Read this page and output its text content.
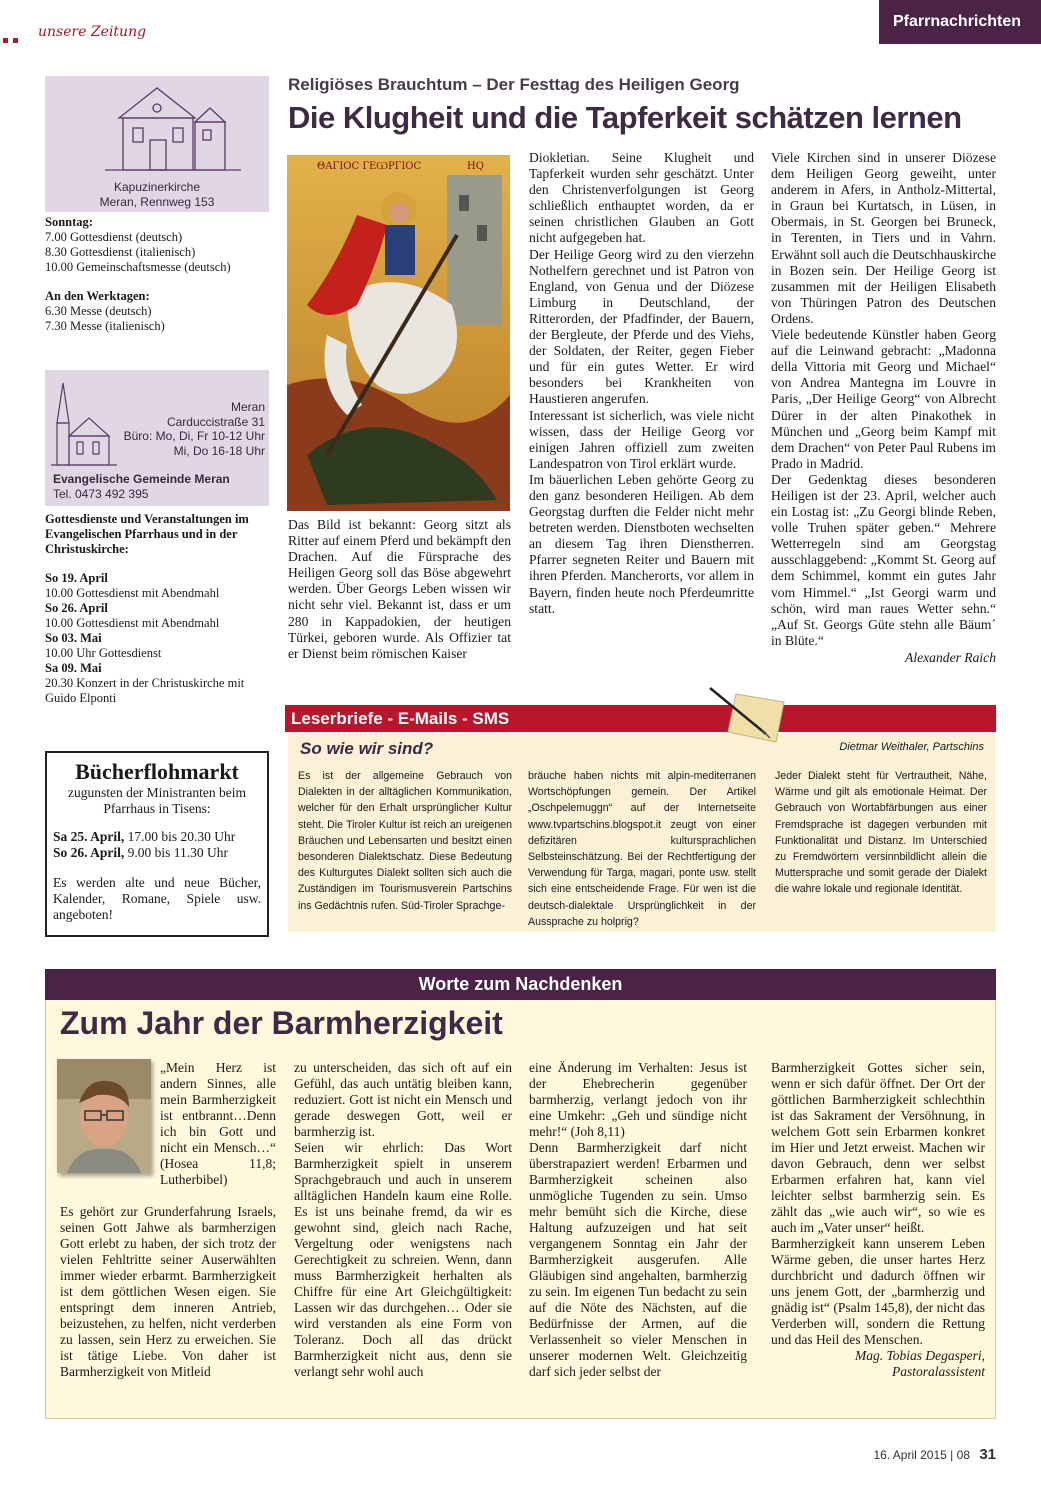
unsere Zeitung
Pfarrnachrichten
Kapuzinerkirche
Meran, Rennweg 153
Sonntag:
7.00 Gottesdienst (deutsch)
8.30 Gottesdienst (italienisch)
10.00 Gemeinschaftsmesse (deutsch)
An den Werktagen:
6.30 Messe (deutsch)
7.30 Messe (italienisch)
Meran
Carduccistraße 31
Büro: Mo, Di, Fr 10-12 Uhr
Mi, Do 16-18 Uhr
Evangelische Gemeinde Meran
Tel. 0473 492 395
Gottesdienste und Veranstaltungen im Evangelischen Pfarrhaus und in der Christuskirche:
So 19. April
10.00 Gottesdienst mit Abendmahl
So 26. April
10.00 Gottesdienst mit Abendmahl
So 03. Mai
10.00 Uhr Gottesdienst
Sa 09. Mai
20.30 Konzert in der Christuskirche mit Guido Elponti
Bücherflohmarkt
zugunsten der Ministranten beim Pfarrhaus in Tisens:
Sa 25. April, 17.00 bis 20.30 Uhr
So 26. April, 9.00 bis 11.30 Uhr
Es werden alte und neue Bücher, Kalender, Romane, Spiele usw. angeboten!
Religiöses Brauchtum – Der Festtag des Heiligen Georg
Die Klugheit und die Tapferkeit schätzen lernen
ΘΑΓΙΟС ГЕѠРГІОС	HQ

Das Bild ist bekannt: Georg sitzt als Ritter auf einem Pferd und bekämpft den Drachen. Auf die Fürsprache des Heiligen Georg soll das Böse abgewehrt werden. Über Georgs Leben wissen wir nicht sehr viel. Bekannt ist, dass er um 280 in Kappadokien, der heutigen Türkei, geboren wurde. Als Offizier tat er Dienst beim römischen Kaiser

Diokletian. Seine Klugheit und Tapferkeit wurden sehr geschätzt. Unter den Christenverfolgungen ist Georg schließlich enthauptet worden, da er seinen christlichen Glauben an Gott nicht aufgegeben hat.

Der Heilige Georg wird zu den vierzehn Nothelfern gerechnet und ist Patron von England, von Genua und der Diözese Limburg in Deutschland, der Ritterorden, der Pfadfinder, der Bauern, der Bergleute, der Pferde und des Viehs, der Soldaten, der Reiter, gegen Fieber und für ein gutes Wetter. Er wird besonders bei Krankheiten von Haustieren angerufen.

Interessant ist sicherlich, was viele nicht wissen, dass der Heilige Georg vor einigen Jahren offiziell zum zweiten Landespatron von Tirol erklärt wurde.

Im bäuerlichen Leben gehörte Georg zu den ganz besonderen Heiligen. Ab dem Georgstag durften die Felder nicht mehr betreten werden. Dienstboten wechselten an diesem Tag ihren Dienstherren. Pfarrer segneten Reiter und Bauern mit ihren Pferden. Mancherorts, vor allem in Bayern, finden heute noch Pferdeumritte statt.

Viele Kirchen sind in unserer Diözese dem Heiligen Georg geweiht, unter anderem in Afers, in Antholz-Mittertal, in Graun bei Kurtatsch, in Lüsen, in Obermais, in St. Georgen bei Bruneck, in Terenten, in Tiers und in Vahrn. Erwähnt soll auch die Deutschhauskirche in Bozen sein. Der Heilige Georg ist zusammen mit der Heiligen Elisabeth von Thüringen Patron des Deutschen Ordens.

Viele bedeutende Künstler haben Georg auf die Leinwand gebracht: „Madonna della Vittoria mit Georg und Michael“ von Andrea Mantegna im Louvre in Paris, „Der Heilige Georg“ von Albrecht Dürer in der alten Pinakothek in München und „Georg beim Kampf mit dem Drachen“ von Peter Paul Rubens im Prado in Madrid.

Der Gedenktag dieses besonderen Heiligen ist der 23. April, welcher auch ein Lostag ist: „Zu Georgi blinde Reben, volle Truhen später geben.“ Mehrere Wetterregeln sind am Georgstag ausschlaggebend: „Kommt St. Georg auf dem Schimmel, kommt ein gutes Jahr vom Himmel.“ „Ist Georgi warm und schön, wird man raues Wetter sehn.“ „Auf St. Georgs Güte stehn alle Bäum´ in Blüte.“

Alexander Raich

Leserbriefe - E-Mails - SMS
So wie wir sind?	Dietmar Weithaler, Partschins
Es ist der allgemeine Gebrauch von Dialekten in der alltäglichen Kommunikation, welcher für den Erhalt ursprünglicher Kultur steht. Die Tiroler Kultur ist reich an ureigenen Bräuchen und Lebensarten und besitzt einen besonderen Dialektschatz. Diese Bedeutung des Kulturgutes Dialekt sollten sich auch die Zuständigen im Tourismusverein Partschins ins Gedächtnis rufen. Süd-Tiroler Sprachge-
bräuche haben nichts mit alpin-mediterranen Wortschöpfungen gemein. Der Artikel „Oschpelemuggn“ auf der Internetseite www.tvpartschins.blogspot.it zeugt von einer defizitären kultursprachlichen Selbsteinschätzung. Bei der Rechtfertigung der Verwendung für Targa, magari, ponte usw. stellt sich eine entscheidende Frage. Für wen ist die deutsch-dialektale Ursprünglichkeit in der Aussprache zu holprig?
Jeder Dialekt steht für Vertrautheit, Nähe, Wärme und gilt als emotionale Heimat. Der Gebrauch von Wortabfärbungen aus einer Fremdsprache ist dagegen verbunden mit Funktionalität und Distanz. Im Unterschied zu Fremdwörtern versinnbildlicht allein die Muttersprache und somit gerade der Dialekt die wahre lokale und regionale Identität.
Worte zum Nachdenken
Zum Jahr der Barmherzigkeit
„Mein Herz ist andern Sinnes, alle mein Barmherzigkeit ist entbrannt…Denn ich bin Gott und nicht ein Mensch…“ (Hosea 11,8; Lutherbibel)
Es gehört zur Grunderfahrung Israels, seinen Gott Jahwe als barmherzigen Gott erlebt zu haben, der sich trotz der vielen Fehltritte seiner Auserwählten immer wieder erbarmt. Barmherzigkeit ist dem göttlichen Wesen eigen. Sie entspringt dem inneren Antrieb, beizustehen, zu helfen, nicht verderben zu lassen, sein Herz zu erweichen. Sie ist tätige Liebe. Von daher ist Barmherzigkeit von Mitleid

zu unterscheiden, das sich oft auf ein Gefühl, das auch untätig bleiben kann, reduziert. Gott ist nicht ein Mensch und gerade deswegen Gott, weil er barmherzig ist.

Seien wir ehrlich: Das Wort Barmherzigkeit spielt in unserem Sprachgebrauch und auch in unserem alltäglichen Handeln kaum eine Rolle. Es ist uns beinahe fremd, da wir es gewohnt sind, gleich nach Rache, Vergeltung oder wenigstens nach Gerechtigkeit zu schreien. Wenn, dann muss Barmherzigkeit herhalten als Chiffre für eine Art Gleichgültigkeit: Lassen wir das durchgehen… Oder sie wird verstanden als eine Form von Toleranz. Doch all das drückt Barmherzigkeit nicht aus, denn sie verlangt sehr wohl auch

eine Änderung im Verhalten: Jesus ist der Ehebrecherin gegenüber barmherzig, verlangt jedoch von ihr eine Umkehr: „Geh und sündige nicht mehr!“ (Joh 8,11)

Denn Barmherzigkeit darf nicht überstrapaziert werden! Erbarmen und Barmherzigkeit scheinen also unmögliche Tugenden zu sein. Umso mehr bemüht sich die Kirche, diese Haltung aufzuzeigen und hat seit vergangenem Sonntag ein Jahr der Barmherzigkeit ausgerufen. Alle Gläubigen sind angehalten, barmherzig zu sein. Im eigenen Tun bedacht zu sein auf die Nöte des Nächsten, auf die Bedürfnisse der Armen, auf die Verlassenheit so vieler Menschen in unserer modernen Welt. Gleichzeitig darf sich jeder selbst der

Barmherzigkeit Gottes sicher sein, wenn er sich dafür öffnet. Der Ort der göttlichen Barmherzigkeit schlechthin ist das Sakrament der Versöhnung, in welchem Gott sein Erbarmen konkret im Hier und Jetzt erweist. Machen wir davon Gebrauch, denn wer selbst Erbarmen erfahren hat, kann viel leichter selbst barmherzig sein. Es zählt das „wie auch wir“, so wie es auch im „Vater unser“ heißt.

Barmherzigkeit kann unserem Leben Wärme geben, die unser hartes Herz durchbricht und dadurch öffnen wir uns jenem Gott, der „barmherzig und gnädig ist“ (Psalm 145,8), der nicht das Verderben will, sondern die Rettung und das Heil des Menschen.

Mag. Tobias Degasperi,

Pastoralassistent

16. April 2015 | 08 31
